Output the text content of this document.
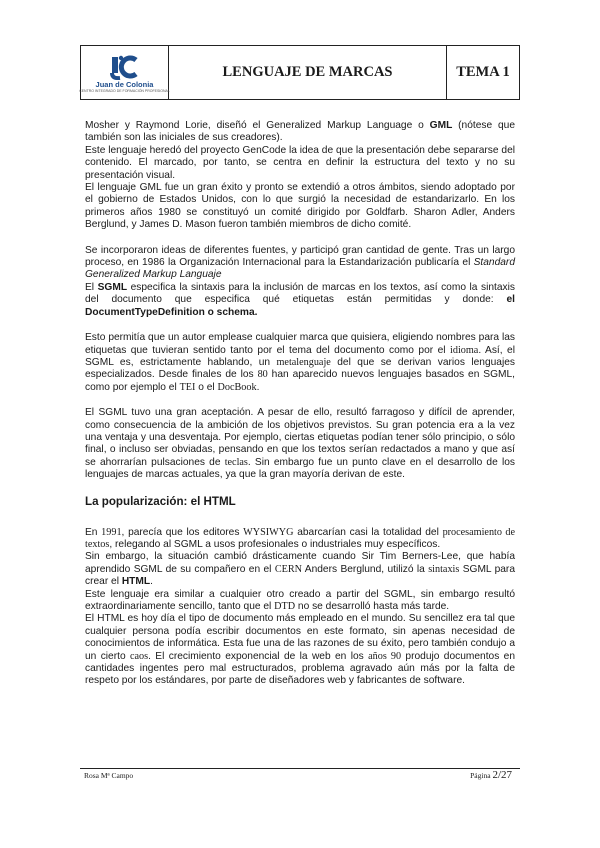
Juan de Colonia
CENTRO INTEGRADO DE FORMACIÓN PROFESIONAL
LENGUAJE DE MARCAS	TEMA 1

Mosher y Raymond Lorie, diseñó el Generalized Markup Language o GML (nótese que también son las iniciales de sus creadores).

Este lenguaje heredó del proyecto GenCode la idea de que la presentación debe separarse del contenido. El marcado, por tanto, se centra en definir la estructura del texto y no su presentación visual.

El lenguaje GML fue un gran éxito y pronto se extendió a otros ámbitos, siendo adoptado por el gobierno de Estados Unidos, con lo que surgió la necesidad de estandarizarlo. En los primeros años 1980 se constituyó un comité dirigido por Goldfarb. Sharon Adler, Anders Berglund, y James D. Mason fueron también miembros de dicho comité.

Se incorporaron ideas de diferentes fuentes, y participó gran cantidad de gente. Tras un largo proceso, en 1986 la Organización Internacional para la Estandarización publicaría el Standard Generalized Markup Languaje

El SGML especifica la sintaxis para la inclusión de marcas en los textos, así como la sintaxis del documento que especifica qué etiquetas están permitidas y donde: el DocumentTypeDefinition o schema.

Esto permitía que un autor emplease cualquier marca que quisiera, eligiendo nombres para las etiquetas que tuvieran sentido tanto por el tema del documento como por el idioma. Así, el SGML es, estrictamente hablando, un metalenguaje del que se derivan varios lenguajes especializados. Desde finales de los 80 han aparecido nuevos lenguajes basados en SGML, como por ejemplo el TEI o el DocBook.

El SGML tuvo una gran aceptación. A pesar de ello, resultó farragoso y difícil de aprender, como consecuencia de la ambición de los objetivos previstos. Su gran potencia era a la vez una ventaja y una desventaja. Por ejemplo, ciertas etiquetas podían tener sólo principio, o sólo final, o incluso ser obviadas, pensando en que los textos serían redactados a mano y que así se ahorrarían pulsaciones de teclas. Sin embargo fue un punto clave en el desarrollo de los lenguajes de marcas actuales, ya que la gran mayoría derivan de este.

La popularización: el HTML

En 1991, parecía que los editores WYSIWYG abarcarían casi la totalidad del procesamiento de textos, relegando al SGML a usos profesionales o industriales muy específicos.

Sin embargo, la situación cambió drásticamente cuando Sir Tim Berners-Lee, que había aprendido SGML de su compañero en el CERN Anders Berglund, utilizó la sintaxis SGML para crear el HTML.

Este lenguaje era similar a cualquier otro creado a partir del SGML, sin embargo resultó extraordinariamente sencillo, tanto que el DTD no se desarrolló hasta más tarde.

El HTML es hoy día el tipo de documento más empleado en el mundo. Su sencillez era tal que cualquier persona podía escribir documentos en este formato, sin apenas necesidad de conocimientos de informática. Esta fue una de las razones de su éxito, pero también condujo a un cierto caos. El crecimiento exponencial de la web en los años 90 produjo documentos en cantidades ingentes pero mal estructurados, problema agravado aún más por la falta de respeto por los estándares, por parte de diseñadores web y fabricantes de software.

Rosa Mª Campo	Página 2/27
